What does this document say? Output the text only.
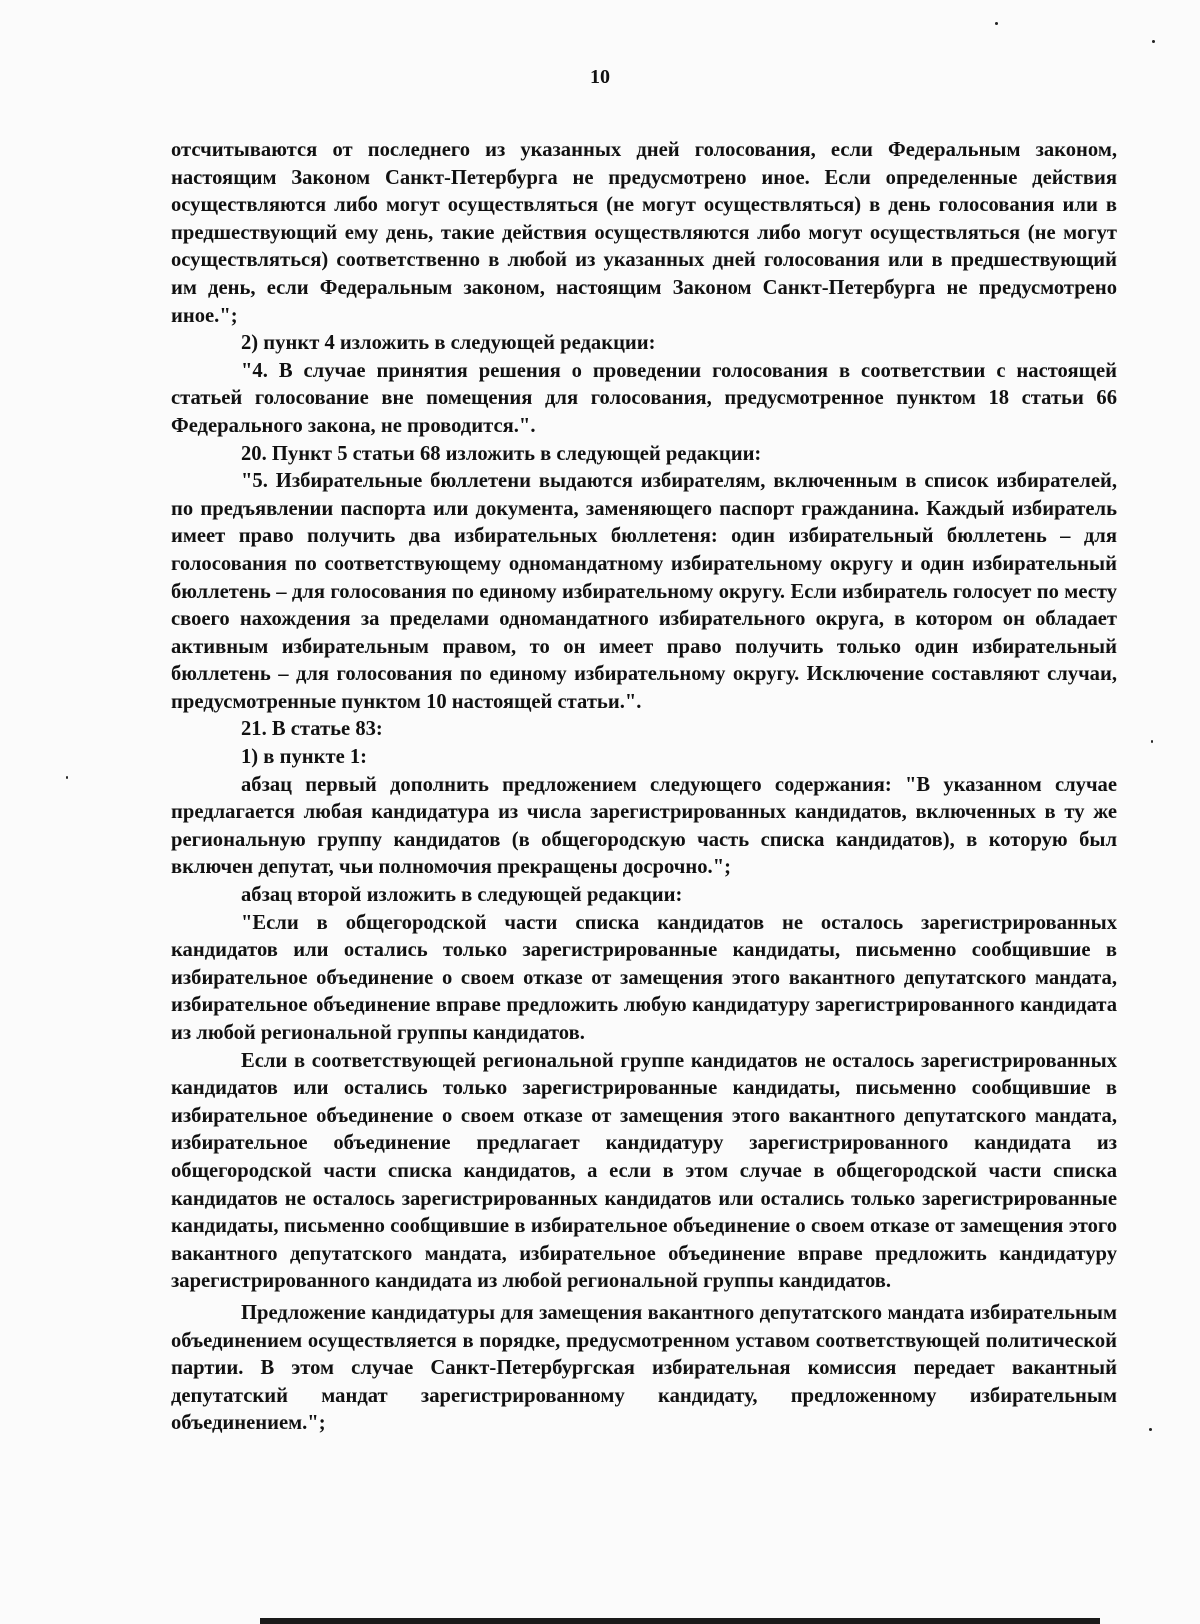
10

отсчитываются от последнего из указанных дней голосования, если Федеральным законом, настоящим Законом Санкт-Петербурга не предусмотрено иное. Если определенные действия осуществляются либо могут осуществляться (не могут осуществляться) в день голосования или в предшествующий ему день, такие действия осуществляются либо могут осуществляться (не могут осуществляться) соответственно в любой из указанных дней голосования или в предшествующий им день, если Федеральным законом, настоящим Законом Санкт-Петербурга не предусмотрено иное.";

2) пункт 4 изложить в следующей редакции:

"4. В случае принятия решения о проведении голосования в соответствии с настоящей статьей голосование вне помещения для голосования, предусмотренное пунктом 18 статьи 66 Федерального закона, не проводится.".

20. Пункт 5 статьи 68 изложить в следующей редакции:

"5. Избирательные бюллетени выдаются избирателям, включенным в список избирателей, по предъявлении паспорта или документа, заменяющего паспорт гражданина. Каждый избиратель имеет право получить два избирательных бюллетеня: один избирательный бюллетень – для голосования по соответствующему одномандатному избирательному округу и один избирательный бюллетень – для голосования по единому избирательному округу. Если избиратель голосует по месту своего нахождения за пределами одномандатного избирательного округа, в котором он обладает активным избирательным правом, то он имеет право получить только один избирательный бюллетень – для голосования по единому избирательному округу. Исключение составляют случаи, предусмотренные пунктом 10 настоящей статьи.".

21. В статье 83:

1) в пункте 1:

абзац первый дополнить предложением следующего содержания: "В указанном случае предлагается любая кандидатура из числа зарегистрированных кандидатов, включенных в ту же региональную группу кандидатов (в общегородскую часть списка кандидатов), в которую был включен депутат, чьи полномочия прекращены досрочно.";

абзац второй изложить в следующей редакции:

"Если в общегородской части списка кандидатов не осталось зарегистрированных кандидатов или остались только зарегистрированные кандидаты, письменно сообщившие в избирательное объединение о своем отказе от замещения этого вакантного депутатского мандата, избирательное объединение вправе предложить любую кандидатуру зарегистрированного кандидата из любой региональной группы кандидатов.

Если в соответствующей региональной группе кандидатов не осталось зарегистрированных кандидатов или остались только зарегистрированные кандидаты, письменно сообщившие в избирательное объединение о своем отказе от замещения этого вакантного депутатского мандата, избирательное объединение предлагает кандидатуру зарегистрированного кандидата из общегородской части списка кандидатов, а если в этом случае в общегородской части списка кандидатов не осталось зарегистрированных кандидатов или остались только зарегистрированные кандидаты, письменно сообщившие в избирательное объединение о своем отказе от замещения этого вакантного депутатского мандата, избирательное объединение вправе предложить кандидатуру зарегистрированного кандидата из любой региональной группы кандидатов.

Предложение кандидатуры для замещения вакантного депутатского мандата избирательным объединением осуществляется в порядке, предусмотренном уставом соответствующей политической партии. В этом случае Санкт-Петербургская избирательная комиссия передает вакантный депутатский мандат зарегистрированному кандидату, предложенному избирательным объединением.";
